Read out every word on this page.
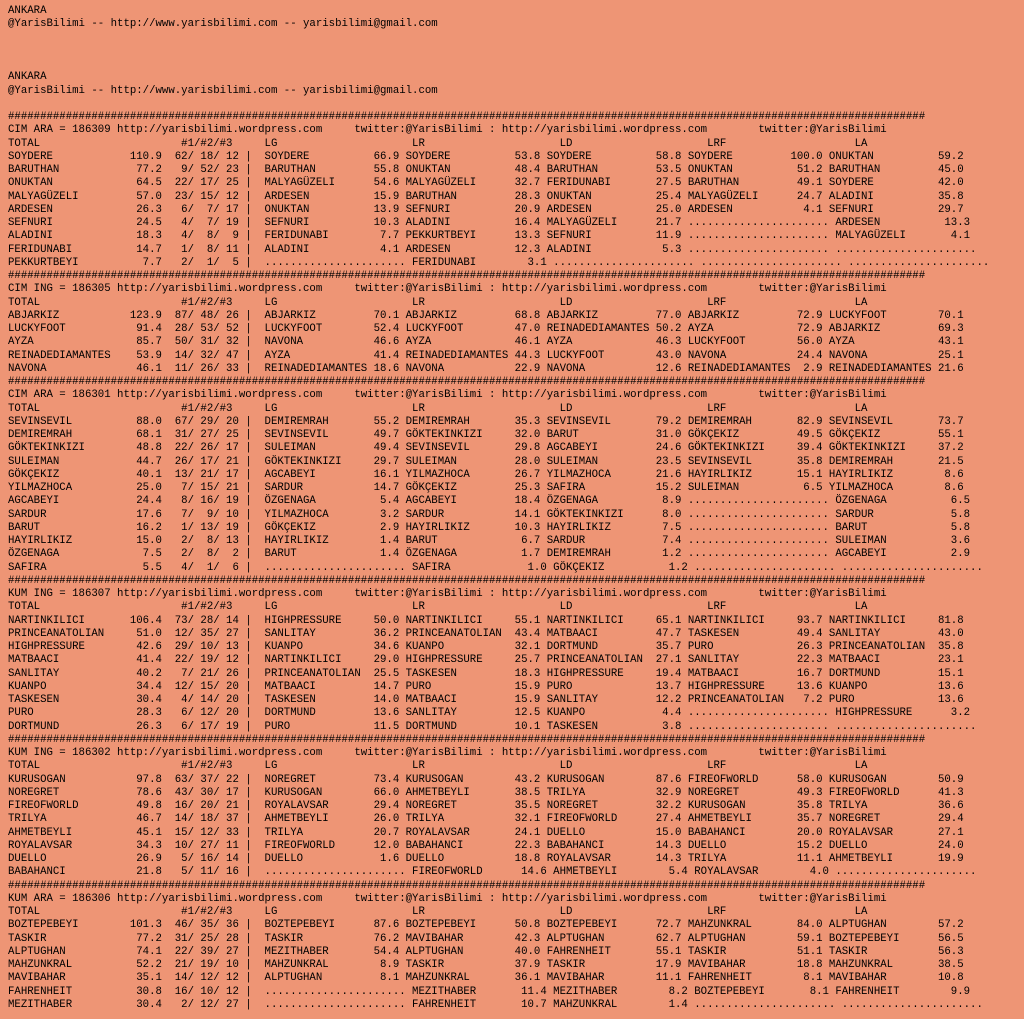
ANKARA
@YarisBilimi -- http://www.yarisbilimi.com -- yarisbilimi@gmail.com

ANKARA
@YarisBilimi -- http://www.yarisbilimi.com -- yarisbilimi@gmail.com

###############################################################################################################################################
CIM ARA = 186309 http://yarisbilimi.wordpress.com     twitter:@YarisBilimi : http://yarisbilimi.wordpress.com        twitter:@YarisBilimi
TOTAL                      #1/#2/#3     LG                     LR                     LD                     LRF                    LA
SOYDERE            110.9  62/ 18/ 12 |  SOYDERE          66.9 SOYDERE          53.8 SOYDERE          58.8 SOYDERE         100.0 ONUKTAN          59.2
BARUTHAN            77.2   9/ 52/ 23 |  BARUTHAN         55.8 ONUKTAN          48.4 BARUTHAN         53.5 ONUKTAN          51.2 BARUTHAN         45.0
ONUKTAN             64.5  22/ 17/ 25 |  MALYAGÜZELI      54.6 MALYAGÜZELI      32.7 FERIDUNABI       27.5 BARUTHAN         49.1 SOYDERE          42.0
MALYAGÜZELI         57.0  23/ 15/ 12 |  ARDESEN          15.9 BARUTHAN         28.3 ONUKTAN          25.4 MALYAGÜZELI      24.7 ALADINI          35.8
ARDESEN             26.3   6/  7/ 17 |  ONUKTAN          13.9 SEFNURI          20.9 ARDESEN          25.0 ARDESEN           4.1 SEFNURI          29.7
SEFNURI             24.5   4/  7/ 19 |  SEFNURI          10.3 ALADINI          16.4 MALYAGÜZELI      21.7 ...................... ARDESEN          13.3
ALADINI             18.3   4/  8/  9 |  FERIDUNABI        7.7 PEKKURTBEYI      13.3 SEFNURI          11.9 ...................... MALYAGÜZELI       4.1
FERIDUNABI          14.7   1/  8/ 11 |  ALADINI           4.1 ARDESEN          12.3 ALADINI           5.3 ...................... ......................
PEKKURTBEYI          7.7   2/  1/  5 |  ...................... FERIDUNABI        3.1 ...................... ...................... ......................
###############################################################################################################################################
CIM ING = 186305 http://yarisbilimi.wordpress.com     twitter:@YarisBilimi : http://yarisbilimi.wordpress.com        twitter:@YarisBilimi
TOTAL                      #1/#2/#3     LG                     LR                     LD                     LRF                    LA
ABJARKIZ           123.9  87/ 48/ 26 |  ABJARKIZ         70.1 ABJARKIZ         68.8 ABJARKIZ         77.0 ABJARKIZ         72.9 LUCKYFOOT        70.1
LUCKYFOOT           91.4  28/ 53/ 52 |  LUCKYFOOT        52.4 LUCKYFOOT        47.0 REINADEDIAMANTES 50.2 AYZA             72.9 ABJARKIZ         69.3
AYZA                85.7  50/ 31/ 32 |  NAVONA           46.6 AYZA             46.1 AYZA             46.3 LUCKYFOOT        56.0 AYZA             43.1
REINADEDIAMANTES    53.9  14/ 32/ 47 |  AYZA             41.4 REINADEDIAMANTES 44.3 LUCKYFOOT        43.0 NAVONA           24.4 NAVONA           25.1
NAVONA              46.1  11/ 26/ 33 |  REINADEDIAMANTES 18.6 NAVONA           22.9 NAVONA           12.6 REINADEDIAMANTES  2.9 REINADEDIAMANTES 21.6
###############################################################################################################################################
CIM ARA = 186301 http://yarisbilimi.wordpress.com     twitter:@YarisBilimi : http://yarisbilimi.wordpress.com        twitter:@YarisBilimi
TOTAL                      #1/#2/#3     LG                     LR                     LD                     LRF                    LA
SEVINSEVIL          88.0  67/ 29/ 20 |  DEMIREMRAH       55.2 DEMIREMRAH       35.3 SEVINSEVIL       79.2 DEMIREMRAH       82.9 SEVINSEVIL       73.7
DEMIREMRAH          68.1  31/ 27/ 25 |  SEVINSEVIL       49.7 GÖKTEKINKIZI     32.0 BARUT            31.0 GÖKÇEKIZ         49.5 GÖKÇEKIZ         55.1
GÖKTEKINKIZI        48.8  22/ 26/ 17 |  SULEIMAN         49.4 SEVINSEVIL       29.8 AGCABEYI         24.6 GÖKTEKINKIZI     39.4 GÖKTEKINKIZI     37.2
SULEIMAN            44.7  26/ 17/ 21 |  GÖKTEKINKIZI     29.7 SULEIMAN         28.0 SULEIMAN         23.5 SEVINSEVIL       35.8 DEMIREMRAH       21.5
GÖKÇEKIZ            40.1  13/ 21/ 17 |  AGCABEYI         16.1 YILMAZHOCA       26.7 YILMAZHOCA       21.6 HAYIRLIKIZ       15.1 HAYIRLIKIZ        8.6
YILMAZHOCA          25.0   7/ 15/ 21 |  SARDUR           14.7 GÖKÇEKIZ         25.3 SAFIRA           15.2 SULEIMAN          6.5 YILMAZHOCA        8.6
AGCABEYI            24.4   8/ 16/ 19 |  ÖZGENAGA          5.4 AGCABEYI         18.4 ÖZGENAGA          8.9 ...................... ÖZGENAGA          6.5
SARDUR              17.6   7/  9/ 10 |  YILMAZHOCA        3.2 SARDUR           14.1 GÖKTEKINKIZI      8.0 ...................... SARDUR            5.8
BARUT               16.2   1/ 13/ 19 |  GÖKÇEKIZ          2.9 HAYIRLIKIZ       10.3 HAYIRLIKIZ        7.5 ...................... BARUT             5.8
HAYIRLIKIZ          15.0   2/  8/ 13 |  HAYIRLIKIZ        1.4 BARUT             6.7 SARDUR            7.4 ...................... SULEIMAN          3.6
ÖZGENAGA             7.5   2/  8/  2 |  BARUT             1.4 ÖZGENAGA          1.7 DEMIREMRAH        1.2 ...................... AGCABEYI          2.9
SAFIRA               5.5   4/  1/  6 |  ...................... SAFIRA            1.0 GÖKÇEKIZ          1.2 ...................... ......................
###############################################################################################################################################
KUM ING = 186307 http://yarisbilimi.wordpress.com     twitter:@YarisBilimi : http://yarisbilimi.wordpress.com        twitter:@YarisBilimi
TOTAL                      #1/#2/#3     LG                     LR                     LD                     LRF                    LA
NARTINKILICI       106.4  73/ 28/ 14 |  HIGHPRESSURE     50.0 NARTINKILICI     55.1 NARTINKILICI     65.1 NARTINKILICI     93.7 NARTINKILICI     81.8
PRINCEANATOLIAN     51.0  12/ 35/ 27 |  SANLITAY         36.2 PRINCEANATOLIAN  43.4 MATBAACI         47.7 TASKESEN         49.4 SANLITAY         43.0
HIGHPRESSURE        42.6  29/ 10/ 13 |  KUANPO           34.6 KUANPO           32.1 DORTMUND         35.7 PURO             26.3 PRINCEANATOLIAN  35.8
MATBAACI            41.4  22/ 19/ 12 |  NARTINKILICI     29.0 HIGHPRESSURE     25.7 PRINCEANATOLIAN  27.1 SANLITAY         22.3 MATBAACI         23.1
SANLITAY            40.2   7/ 21/ 26 |  PRINCEANATOLIAN  25.5 TASKESEN         18.3 HIGHPRESSURE     19.4 MATBAACI         16.7 DORTMUND         15.1
KUANPO              34.4  12/ 15/ 20 |  MATBAACI         14.7 PURO             15.9 PURO             13.7 HIGHPRESSURE     13.6 KUANPO           13.6
TASKESEN            30.4   4/ 14/ 20 |  TASKESEN         14.0 MATBAACI         15.9 SANLITAY         12.2 PRINCEANATOLIAN   7.2 PURO             13.6
PURO                28.3   6/ 12/ 20 |  DORTMUND         13.6 SANLITAY         12.5 KUANPO            4.4 ...................... HIGHPRESSURE      3.2
DORTMUND            26.3   6/ 17/ 19 |  PURO             11.5 DORTMUND         10.1 TASKESEN          3.8 ...................... ......................
###############################################################################################################################################
KUM ING = 186302 http://yarisbilimi.wordpress.com     twitter:@YarisBilimi : http://yarisbilimi.wordpress.com        twitter:@YarisBilimi
TOTAL                      #1/#2/#3     LG                     LR                     LD                     LRF                    LA
KURUSOGAN           97.8  63/ 37/ 22 |  NOREGRET         73.4 KURUSOGAN        43.2 KURUSOGAN        87.6 FIREOFWORLD      58.0 KURUSOGAN        50.9
NOREGRET            78.6  43/ 30/ 17 |  KURUSOGAN        66.0 AHMETBEYLI       38.5 TRILYA           32.9 NOREGRET         49.3 FIREOFWORLD      41.3
FIREOFWORLD         49.8  16/ 20/ 21 |  ROYALAVSAR       29.4 NOREGRET         35.5 NOREGRET         32.2 KURUSOGAN        35.8 TRILYA           36.6
TRILYA              46.7  14/ 18/ 37 |  AHMETBEYLI       26.0 TRILYA           32.1 FIREOFWORLD      27.4 AHMETBEYLI       35.7 NOREGRET         29.4
AHMETBEYLI          45.1  15/ 12/ 33 |  TRILYA           20.7 ROYALAVSAR       24.1 DUELLO           15.0 BABAHANCI        20.0 ROYALAVSAR       27.1
ROYALAVSAR          34.3  10/ 27/ 11 |  FIREOFWORLD      12.0 BABAHANCI        22.3 BABAHANCI        14.3 DUELLO           15.2 DUELLO           24.0
DUELLO              26.9   5/ 16/ 14 |  DUELLO            1.6 DUELLO           18.8 ROYALAVSAR       14.3 TRILYA           11.1 AHMETBEYLI       19.9
BABAHANCI           21.8   5/ 11/ 16 |  ...................... FIREOFWORLD      14.6 AHMETBEYLI        5.4 ROYALAVSAR        4.0 ......................
###############################################################################################################################################
KUM ARA = 186306 http://yarisbilimi.wordpress.com     twitter:@YarisBilimi : http://yarisbilimi.wordpress.com        twitter:@YarisBilimi
TOTAL                      #1/#2/#3     LG                     LR                     LD                     LRF                    LA
BOZTEPEBEYI        101.3  46/ 35/ 36 |  BOZTEPEBEYI      87.6 BOZTEPEBEYI      50.8 BOZTEPEBEYI      72.7 MAHZUNKRAL       84.0 ALPTUGHAN        57.2
TASKIR              77.2  31/ 25/ 28 |  TASKIR           76.2 MAVIBAHAR        42.3 ALPTUGHAN        62.7 ALPTUGHAN        59.1 BOZTEPEBEYI      56.5
ALPTUGHAN           74.1  22/ 39/ 27 |  MEZITHABER       54.4 ALPTUGHAN        40.0 FAHRENHEIT       55.1 TASKIR           51.1 TASKIR           56.3
MAHZUNKRAL          52.2  21/ 19/ 10 |  MAHZUNKRAL        8.9 TASKIR           37.9 TASKIR           17.9 MAVIBAHAR        18.8 MAHZUNKRAL       38.5
MAVIBAHAR           35.1  14/ 12/ 12 |  ALPTUGHAN         8.1 MAHZUNKRAL       36.1 MAVIBAHAR        11.1 FAHRENHEIT        8.1 MAVIBAHAR        10.8
FAHRENHEIT          30.8  16/ 10/ 12 |  ...................... MEZITHABER       11.4 MEZITHABER        8.2 BOZTEPEBEYI       8.1 FAHRENHEIT        9.9
MEZITHABER          30.4   2/ 12/ 27 |  ...................... FAHRENHEIT       10.7 MAHZUNKRAL        1.4 ...................... ......................
